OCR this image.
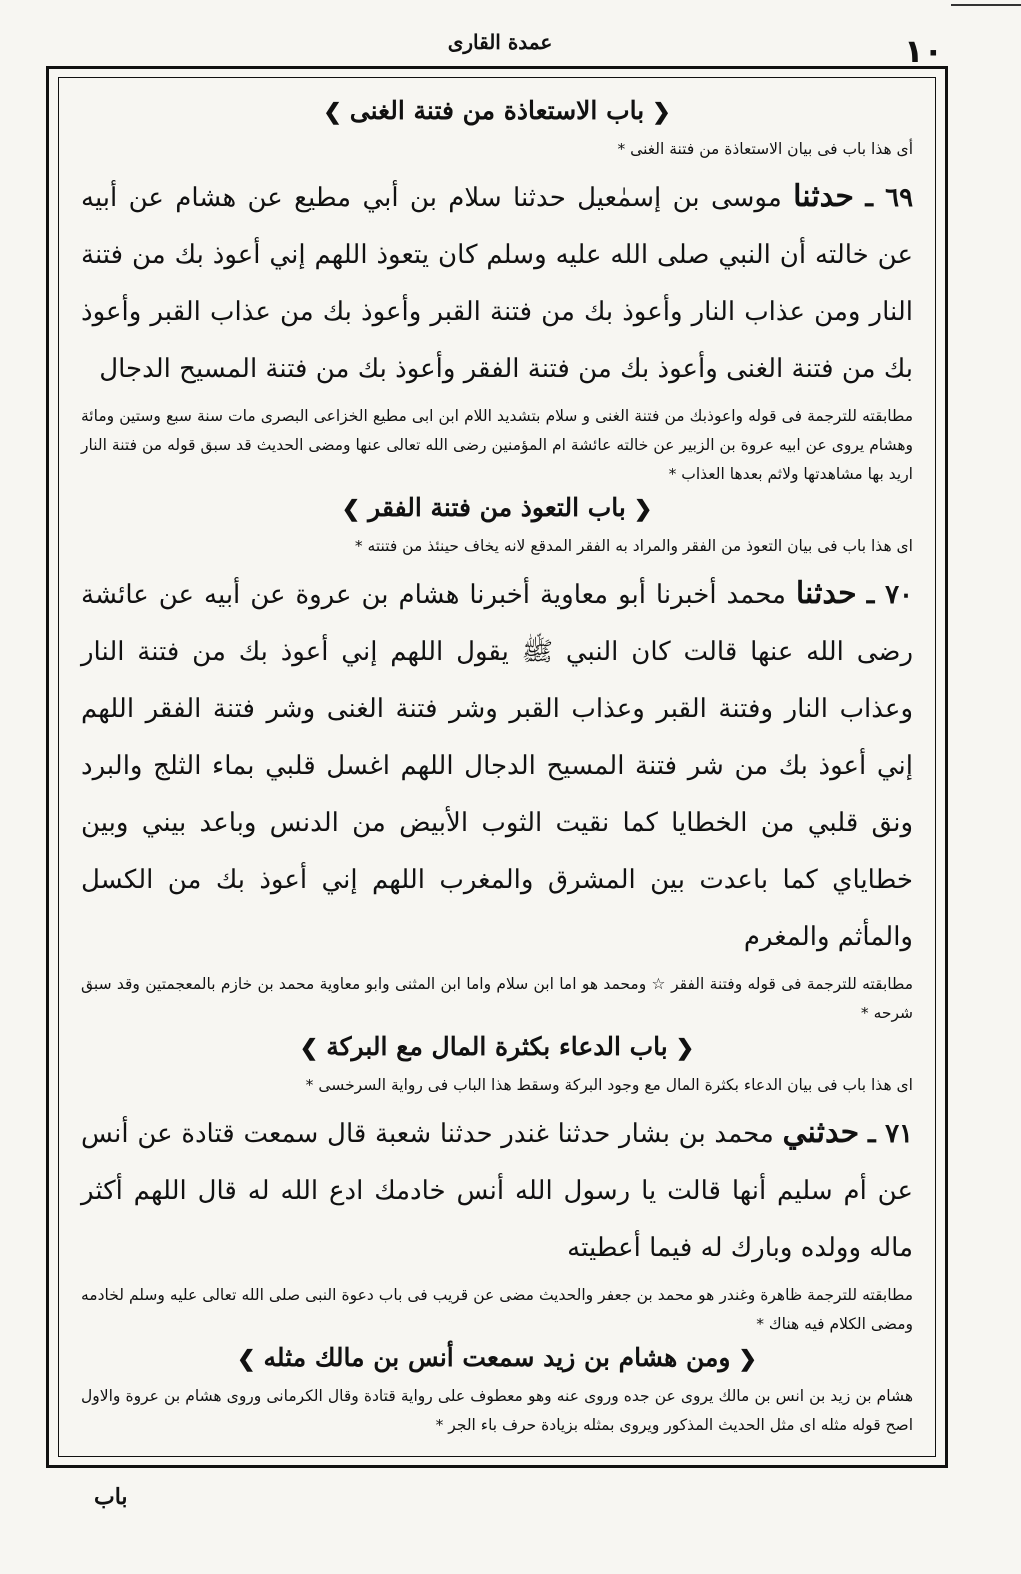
عمدة القاری	١٠
❮باب الاستعاذة من فتنة الغنى❯
أى هذا باب فى بيان الاستعاذة من فتنة الغنى *
٦٩ ـ حدثنا موسى بن إسمٰعيل حدثنا سلام بن أبي مطيع عن هشام عن أبيه عن خالته أن النبي صلى الله عليه وسلم كان يتعوذ اللهم إني أعوذ بك من فتنة النار ومن عذاب النار وأعوذ بك من فتنة القبر وأعوذ بك من عذاب القبر وأعوذ بك من فتنة الغنى وأعوذ بك من فتنة الفقر وأعوذ بك من فتنة المسيح الدجال
مطابقته للترجمة فى قوله واعوذبك من فتنة الغنى و سلام بتشديد اللام ابن ابى مطيع الخزاعى البصرى مات سنة سبع وستين ومائة وهشام يروى عن ابيه عروة بن الزبير عن خالته عائشة ام المؤمنين رضى الله تعالى عنها ومضى الحديث قد سبق قوله من فتنة النار اريد بها مشاهدتها ولاثم بعدها العذاب *
❮باب التعوذ من فتنة الفقر❯
اى هذا باب فى بيان التعوذ من الفقر والمراد به الفقر المدقع لانه يخاف حينئذ من فتنته *
٧٠ ـ حدثنا محمد أخبرنا أبو معاوية أخبرنا هشام بن عروة عن أبيه عن عائشة رضى الله عنها قالت كان النبي ﷺ يقول اللهم إني أعوذ بك من فتنة النار وعذاب النار وفتنة القبر وعذاب القبر وشر فتنة الغنى وشر فتنة الفقر اللهم إني أعوذ بك من شر فتنة المسيح الدجال اللهم اغسل قلبي بماء الثلج والبرد ونق قلبي من الخطايا كما نقيت الثوب الأبيض من الدنس وباعد بيني وبين خطاياي كما باعدت بين المشرق والمغرب اللهم إني أعوذ بك من الكسل والمأثم والمغرم
مطابقته للترجمة فى قوله وفتنة الفقر ☆ ومحمد هو اما ابن سلام واما ابن المثنى وابو معاوية محمد بن خازم بالمعجمتين وقد سبق شرحه *
❮باب الدعاء بكثرة المال مع البركة❯
اى هذا باب فى بيان الدعاء بكثرة المال مع وجود البركة وسقط هذا الباب فى رواية السرخسى *
٧١ ـ حدثني محمد بن بشار حدثنا غندر حدثنا شعبة قال سمعت قتادة عن أنس عن أم سليم أنها قالت يا رسول الله أنس خادمك ادع الله له قال اللهم أكثر ماله وولده وبارك له فيما أعطيته
مطابقته للترجمة ظاهرة وغندر هو محمد بن جعفر والحديث مضى عن قريب فى باب دعوة النبى صلى الله تعالى عليه وسلم لخادمه ومضى الكلام فيه هناك *
❮ومن هشام بن زيد سمعت أنس بن مالك مثله❯
هشام بن زيد بن انس بن مالك يروى عن جده وروى عنه وهو معطوف على رواية قتادة وقال الكرمانى وروى هشام بن عروة والاول اصح قوله مثله اى مثل الحديث المذكور ويروى بمثله بزيادة حرف باء الجر *
باب
